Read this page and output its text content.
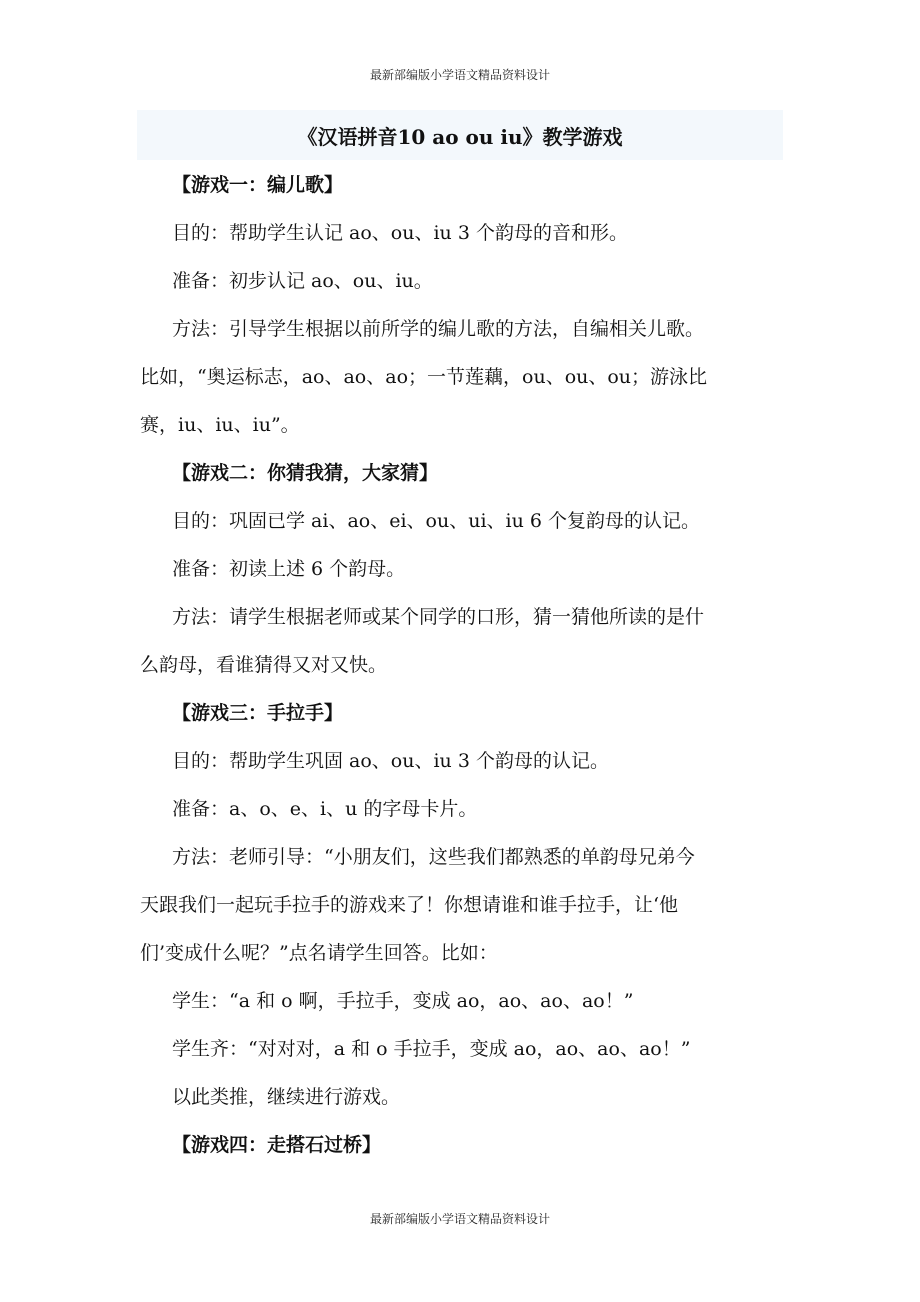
最新部编版小学语文精品资料设计
《汉语拼音10 ao ou iu》教学游戏
【游戏一：编儿歌】
目的：帮助学生认记 ao、ou、iu 3 个韵母的音和形。
准备：初步认记 ao、ou、iu。
方法：引导学生根据以前所学的编儿歌的方法，自编相关儿歌。
比如，“奥运标志，ao、ao、ao；一节莲藕，ou、ou、ou；游泳比
赛，iu、iu、iu”。
【游戏二：你猜我猜，大家猜】
目的：巩固已学 ai、ao、ei、ou、ui、iu 6 个复韵母的认记。
准备：初读上述 6 个韵母。
方法：请学生根据老师或某个同学的口形，猜一猜他所读的是什
么韵母，看谁猜得又对又快。
【游戏三：手拉手】
目的：帮助学生巩固 ao、ou、iu 3 个韵母的认记。
准备：a、o、e、i、u 的字母卡片。
方法：老师引导：“小朋友们，这些我们都熟悉的单韵母兄弟今
天跟我们一起玩手拉手的游戏来了！你想请谁和谁手拉手，让‘他
们’变成什么呢？”点名请学生回答。比如：
学生：“a 和 o 啊，手拉手，变成 ao，ao、ao、ao！”
学生齐：“对对对，a 和 o 手拉手，变成 ao，ao、ao、ao！”
以此类推，继续进行游戏。
【游戏四：走搭石过桥】
最新部编版小学语文精品资料设计
